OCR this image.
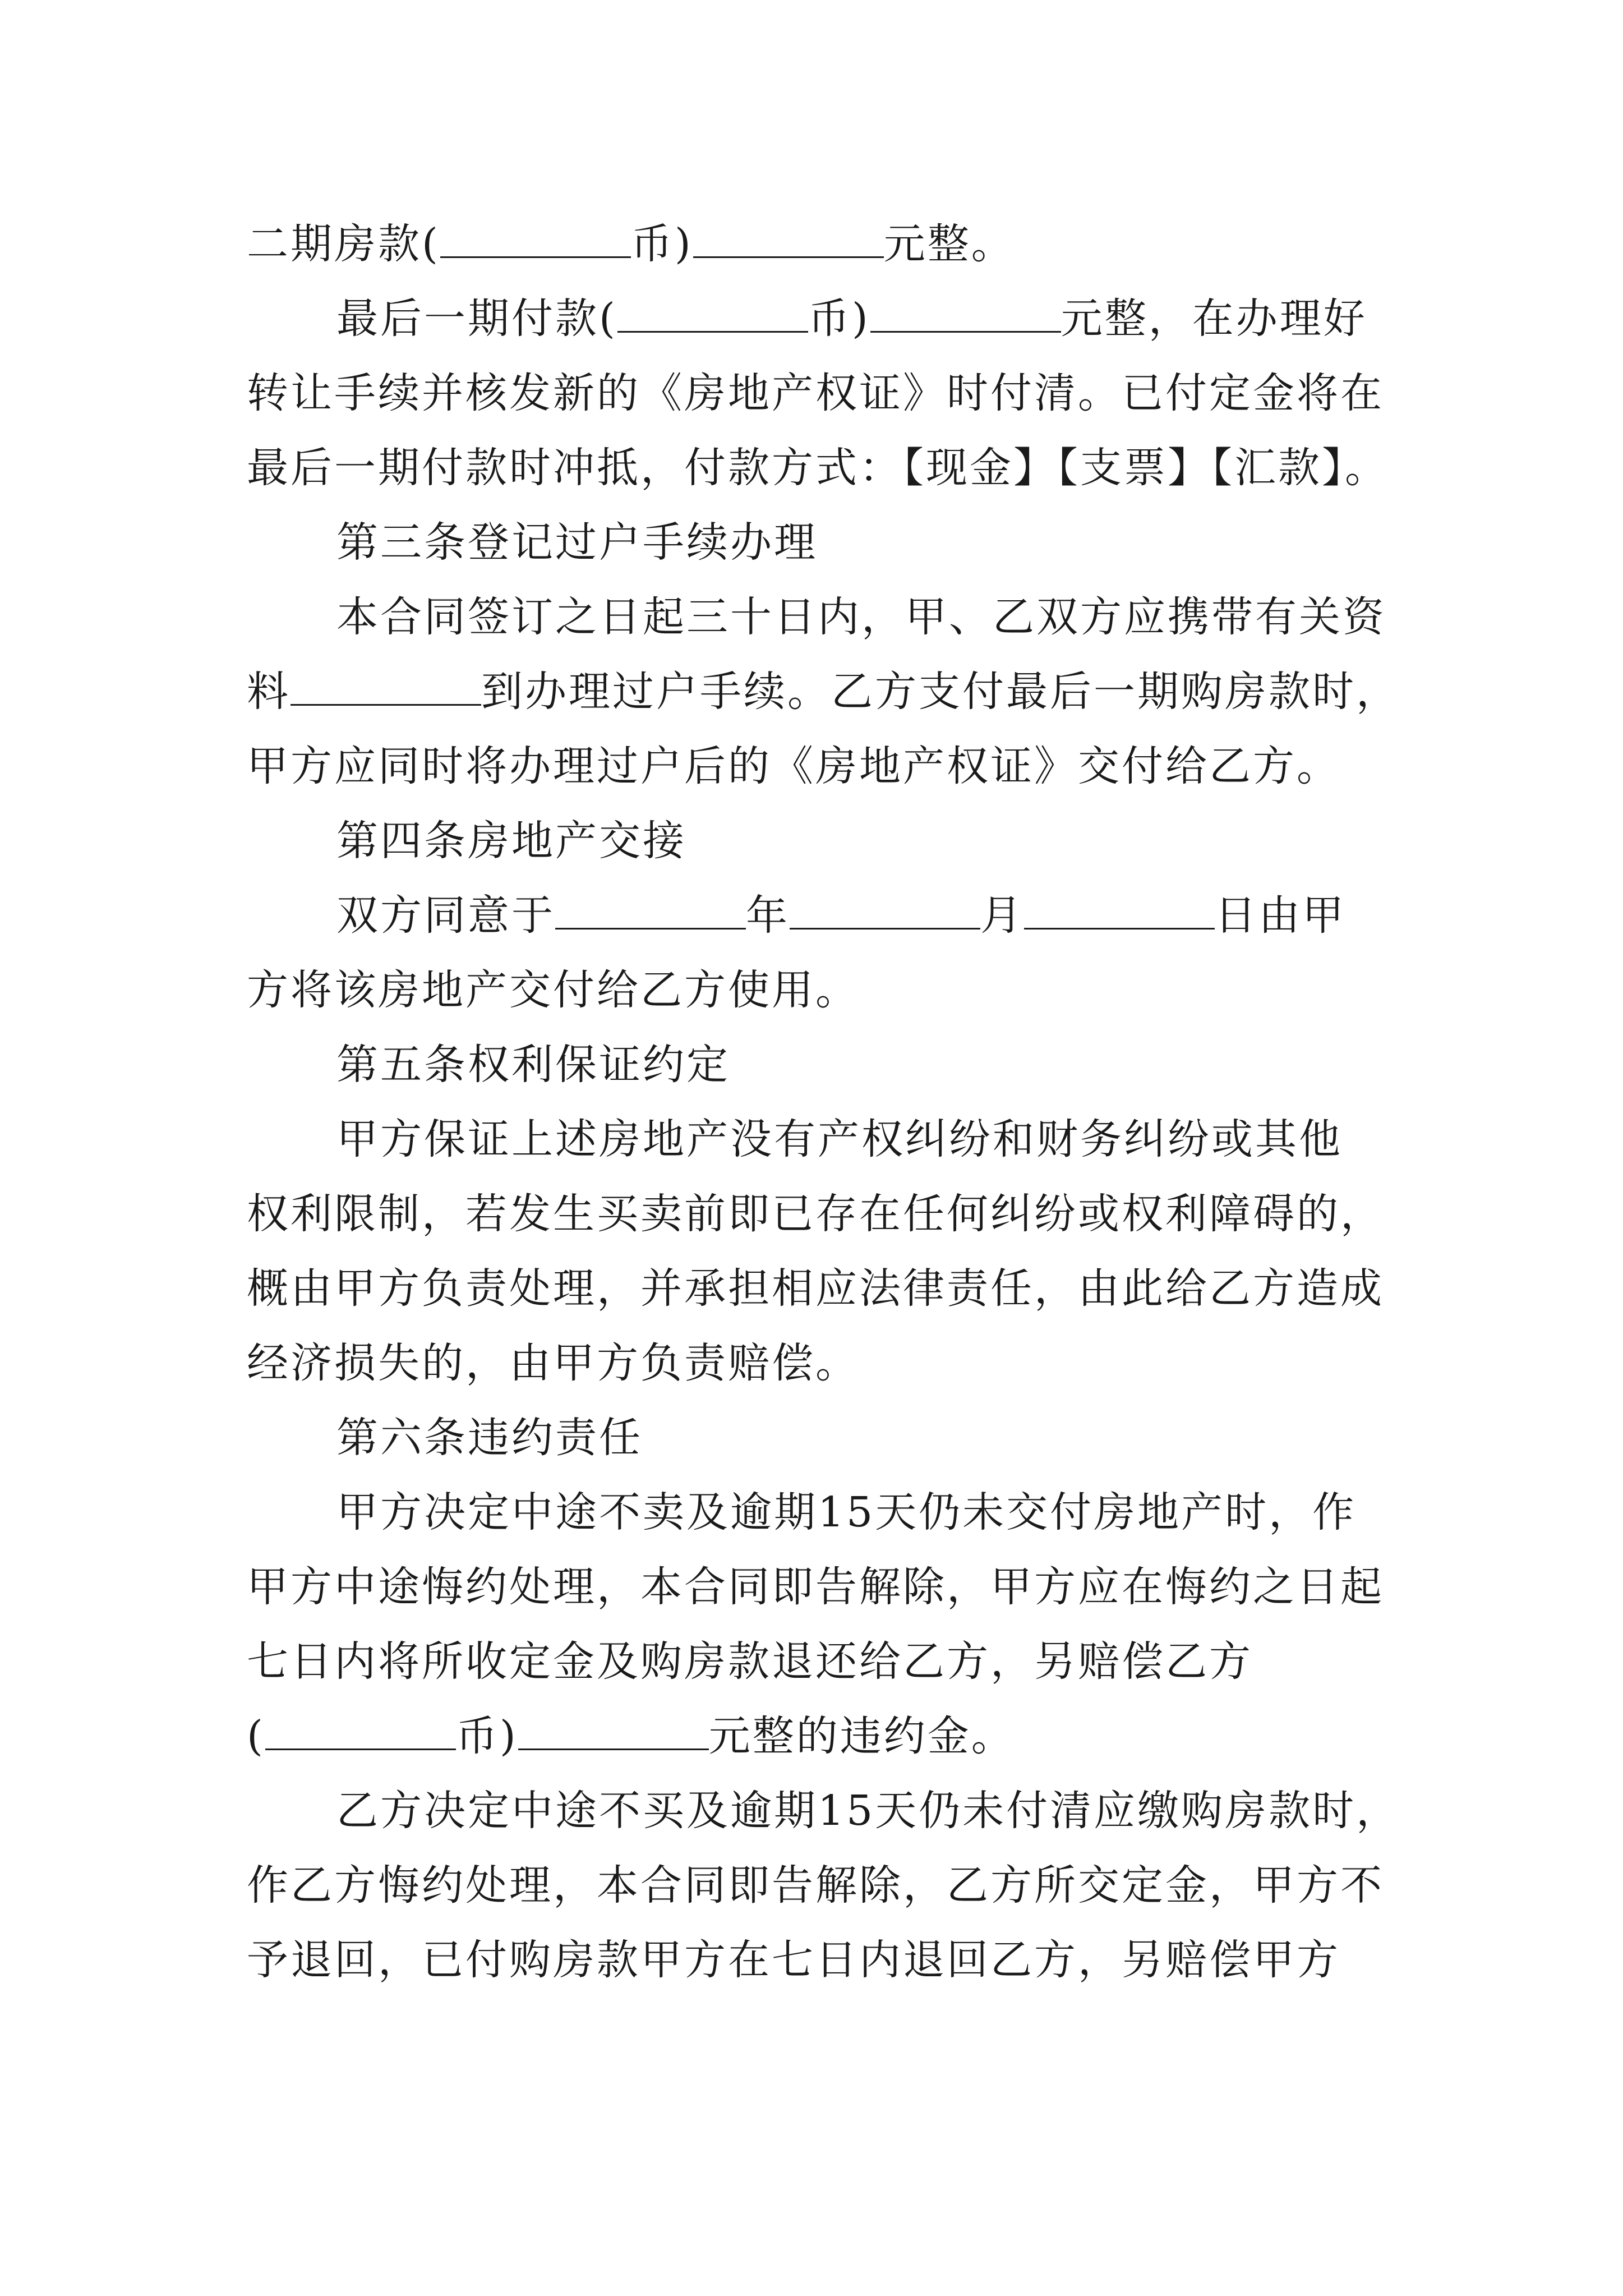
二期房款(	币)	元整。
最后一期付款(	币)	元整，在办理好
转让手续并核发新的《房地产权证》时付清。已付定金将在
最后一期付款时冲抵，付款方式：【现金】【支票】【汇款】。
第三条登记过户手续办理
本合同签订之日起三十日内，甲、乙双方应携带有关资
料	到办理过户手续。乙方支付最后一期购房款时，
甲方应同时将办理过户后的《房地产权证》交付给乙方。
第四条房地产交接
双方同意于	年	月	日由甲
方将该房地产交付给乙方使用。
第五条权利保证约定
甲方保证上述房地产没有产权纠纷和财务纠纷或其他
权利限制，若发生买卖前即已存在任何纠纷或权利障碍的，
概由甲方负责处理，并承担相应法律责任，由此给乙方造成
经济损失的，由甲方负责赔偿。
第六条违约责任
甲方决定中途不卖及逾期15天仍未交付房地产时，作
甲方中途悔约处理，本合同即告解除，甲方应在悔约之日起
七日内将所收定金及购房款退还给乙方，另赔偿乙方
(	币)	元整的违约金。
乙方决定中途不买及逾期15天仍未付清应缴购房款时，
作乙方悔约处理，本合同即告解除，乙方所交定金，甲方不
予退回，已付购房款甲方在七日内退回乙方，另赔偿甲方
